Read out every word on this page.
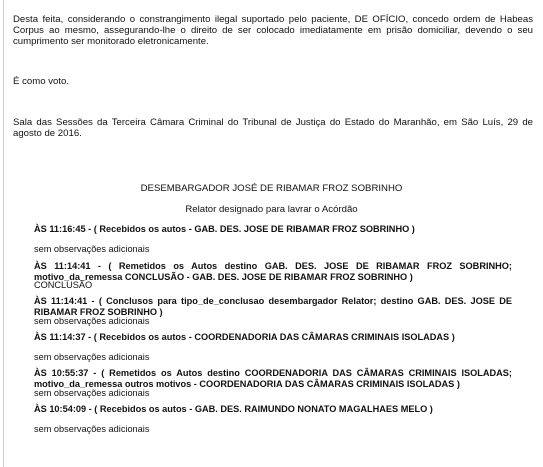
Desta feita, considerando o constrangimento ilegal suportado pelo paciente, DE OFÍCIO, concedo ordem de Habeas Corpus ao mesmo, assegurando-lhe o direito de ser colocado imediatamente em prisão domiciliar, devendo o seu cumprimento ser monitorado eletronicamente.

É como voto.

Sala das Sessões da Terceira Câmara Criminal do Tribunal de Justiça do Estado do Maranhão, em São Luís, 29 de agosto de 2016.

DESEMBARGADOR JOSÉ DE RIBAMAR FROZ SOBRINHO

Relator designado para lavrar o Acórdão

ÀS 11:16:45 - ( Recebidos os autos - GAB. DES. JOSE DE RIBAMAR FROZ SOBRINHO )

sem observações adicionais

ÀS 11:14:41 - ( Remetidos os Autos destino GAB. DES. JOSE DE RIBAMAR FROZ SOBRINHO; motivo_da_remessa CONCLUSÃO - GAB. DES. JOSE DE RIBAMAR FROZ SOBRINHO )

CONCLUSÃO

ÀS 11:14:41 - ( Conclusos para tipo_de_conclusao desembargador Relator; destino GAB. DES. JOSE DE RIBAMAR FROZ SOBRINHO )

sem observações adicionais

ÀS 11:14:37 - ( Recebidos os autos - COORDENADORIA DAS CÂMARAS CRIMINAIS ISOLADAS )

sem observações adicionais

ÀS 10:55:37 - ( Remetidos os Autos destino COORDENADORIA DAS CÂMARAS CRIMINAIS ISOLADAS; motivo_da_remessa outros motivos - COORDENADORIA DAS CÂMARAS CRIMINAIS ISOLADAS )

sem observações adicionais

ÀS 10:54:09 - ( Recebidos os autos - GAB. DES. RAIMUNDO NONATO MAGALHAES MELO )

sem observações adicionais
